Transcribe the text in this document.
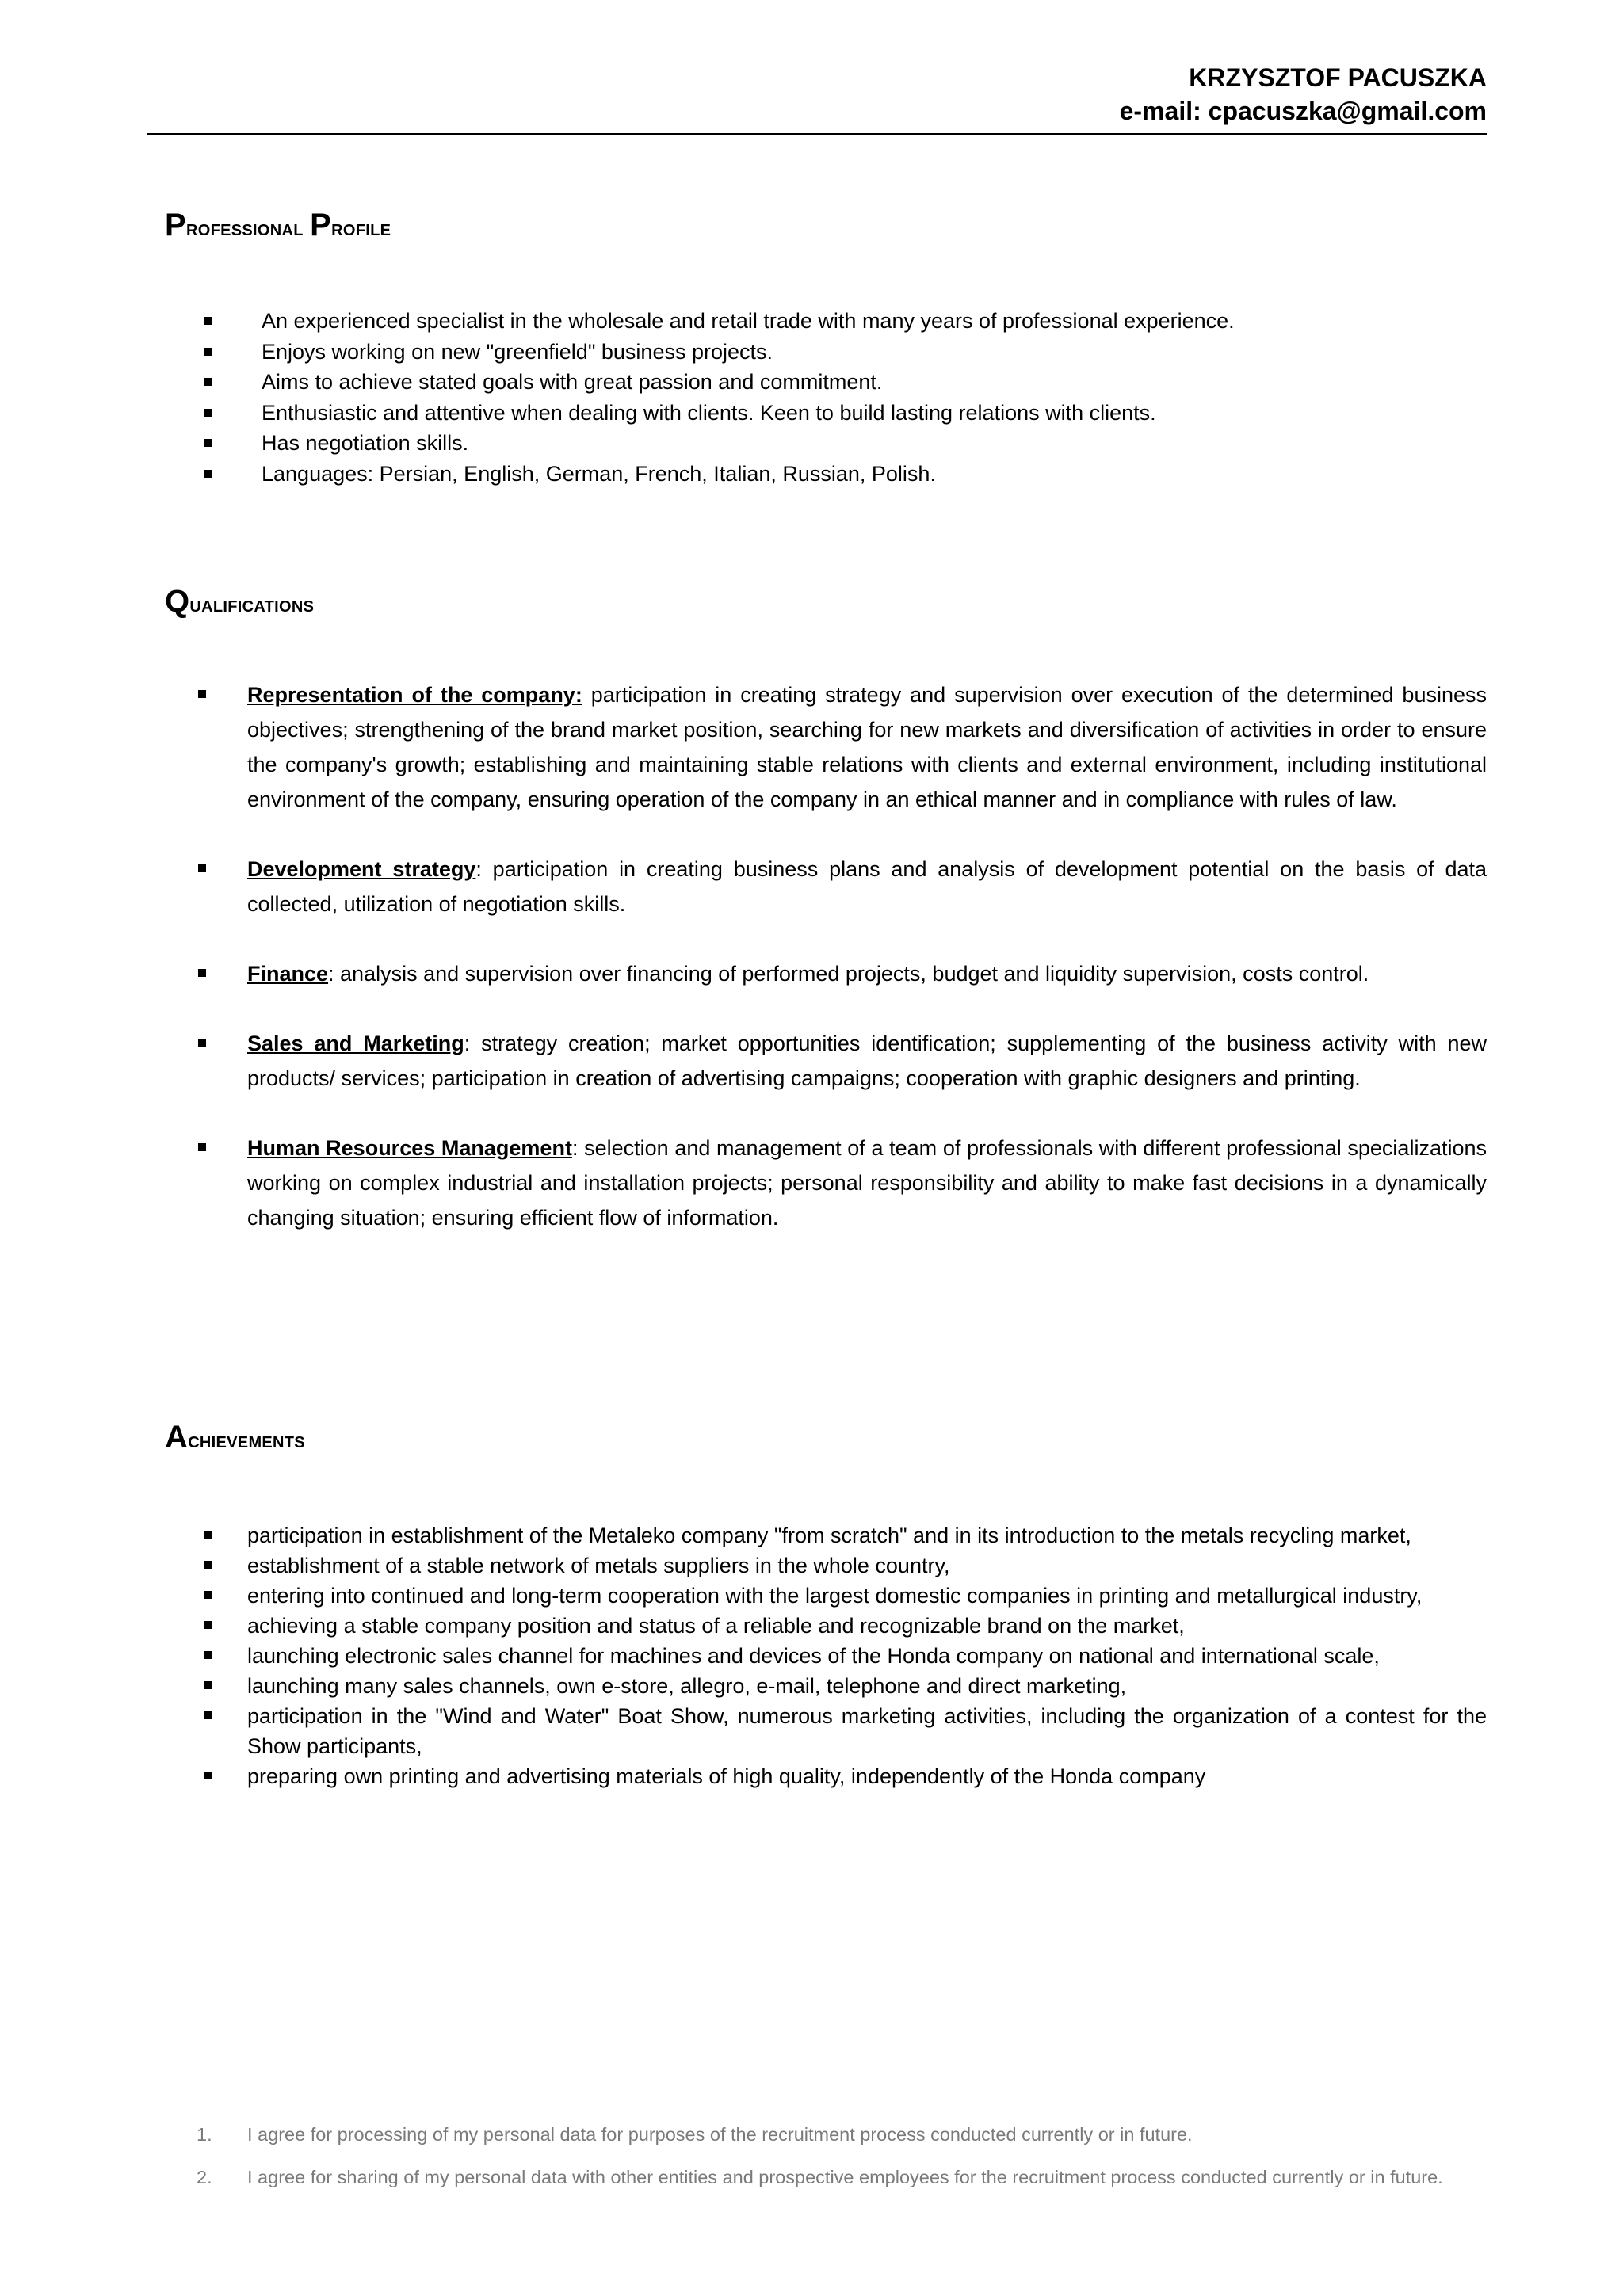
KRZYSZTOF PACUSZKA
e-mail: cpacuszka@gmail.com
Professional Profile
An experienced specialist in the wholesale and retail trade with many years of professional experience.
Enjoys working on new "greenfield" business projects.
Aims to achieve stated goals with great passion and commitment.
Enthusiastic and attentive when dealing with clients. Keen to build lasting relations with clients.
Has negotiation skills.
Languages: Persian, English, German, French, Italian, Russian, Polish.
Qualifications
Representation of the company: participation in creating strategy and supervision over execution of the determined business objectives; strengthening of the brand market position, searching for new markets and diversification of activities in order to ensure the company's growth; establishing and maintaining stable relations with clients and external environment, including institutional environment of the company, ensuring operation of the company in an ethical manner and in compliance with rules of law.
Development strategy: participation in creating business plans and analysis of development potential on the basis of data collected, utilization of negotiation skills.
Finance: analysis and supervision over financing of performed projects, budget and liquidity supervision, costs control.
Sales and Marketing: strategy creation; market opportunities identification; supplementing of the business activity with new products/ services; participation in creation of advertising campaigns; cooperation with graphic designers and printing.
Human Resources Management: selection and management of a team of professionals with different professional specializations working on complex industrial and installation projects; personal responsibility and ability to make fast decisions in a dynamically changing situation; ensuring efficient flow of information.
Achievements
participation in establishment of the Metaleko company "from scratch" and in its introduction to the metals recycling market,
establishment of a stable network of metals suppliers in the whole country,
entering into continued and long-term cooperation with the largest domestic companies in printing and metallurgical industry,
achieving a stable company position and status of a reliable and recognizable brand on the market,
launching electronic sales channel for machines and devices of the Honda company on national and international scale,
launching many sales channels, own e-store, allegro, e-mail, telephone and direct marketing,
participation in the "Wind and Water" Boat Show, numerous marketing activities, including the organization of a contest for the Show participants,
preparing own printing and advertising materials of high quality, independently of the Honda company
1. I agree for processing of my personal data for purposes of the recruitment process conducted currently or in future.
2. I agree for sharing of my personal data with other entities and prospective employees for the recruitment process conducted currently or in future.
